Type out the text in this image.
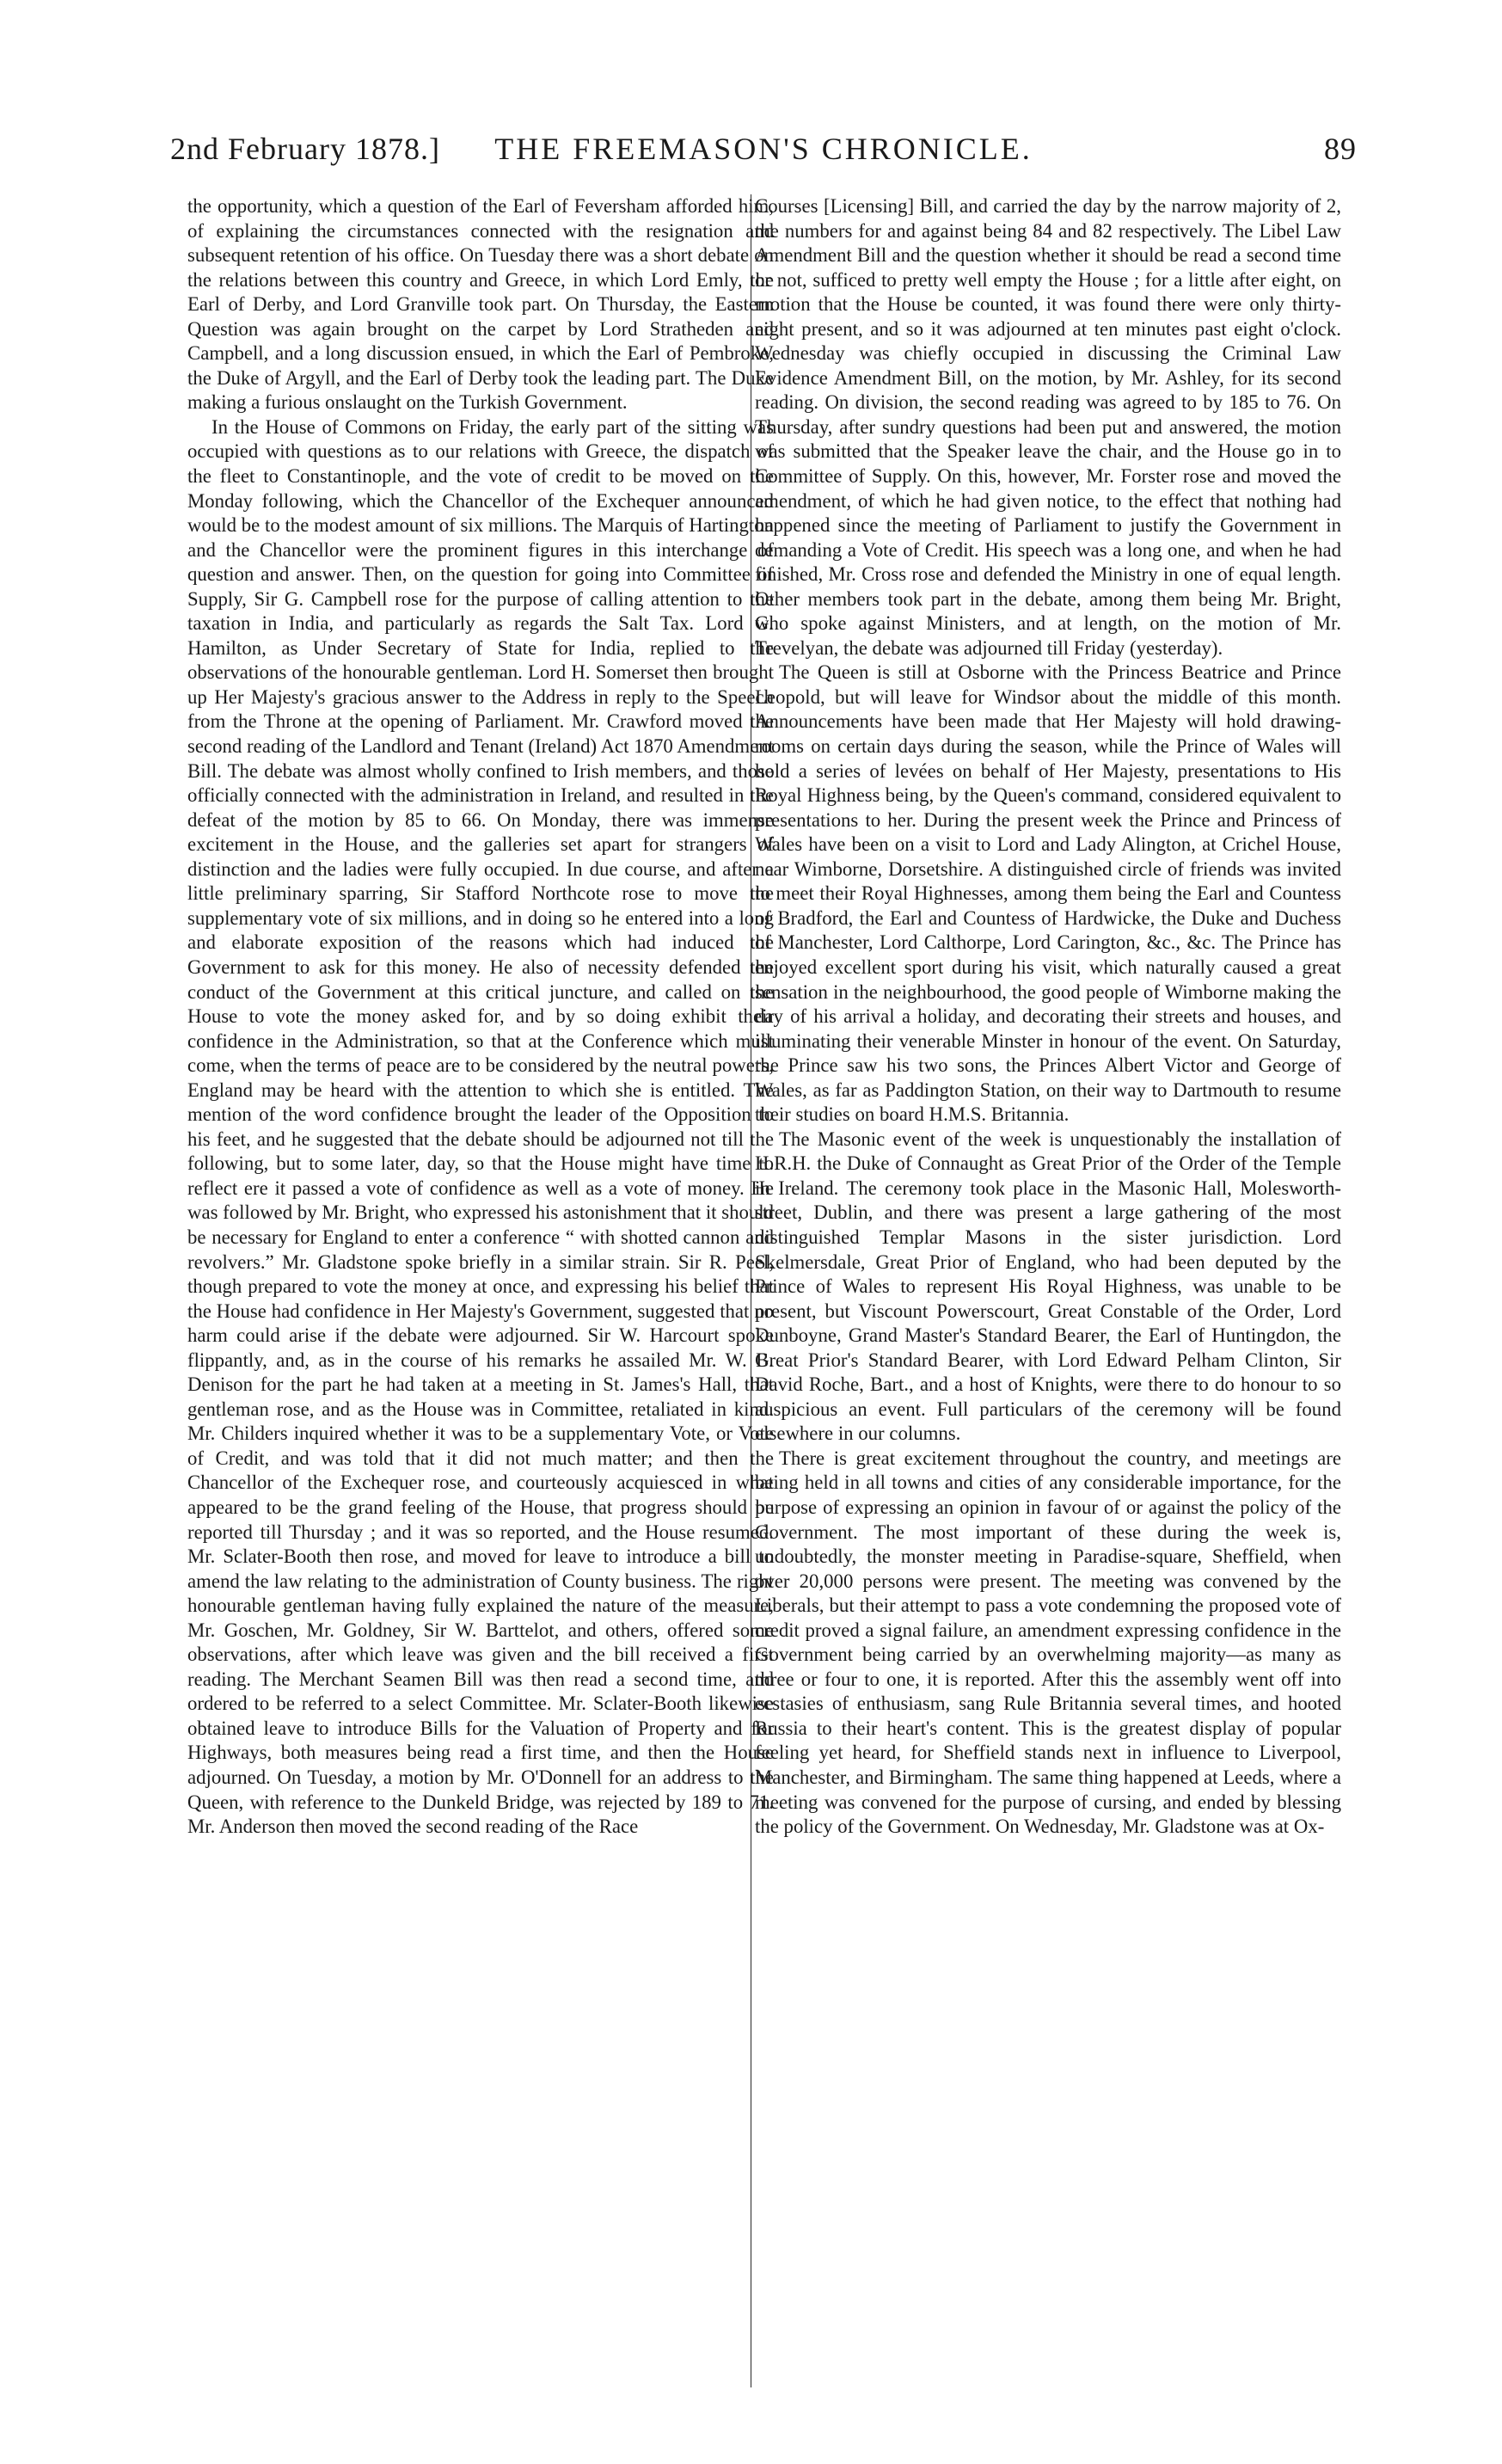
THE FREEMASON'S CHRONICLE.
2nd February 1878.]	89

the opportunity, which a question of the Earl of Feversham afforded him, of explaining the circumstances connected with the resignation and subsequent retention of his office. On Tuesday there was a short debate on the relations between this country and Greece, in which Lord Emly, the Earl of Derby, and Lord Granville took part. On Thursday, the Eastern Question was again brought on the carpet by Lord Stratheden and Campbell, and a long discussion ensued, in which the Earl of Pembroke, the Duke of Argyll, and the Earl of Derby took the leading part. The Duke making a furious onslaught on the Turkish Government.

In the House of Commons on Friday, the early part of the sitting was occupied with questions as to our relations with Greece, the dispatch of the fleet to Constantinople, and the vote of credit to be moved on the Monday following, which the Chancellor of the Exchequer announced would be to the modest amount of six millions. The Marquis of Hartington and the Chancellor were the prominent figures in this interchange of question and answer. Then, on the question for going into Committee of Supply, Sir G. Campbell rose for the purpose of calling attention to the taxation in India, and particularly as regards the Salt Tax. Lord G. Hamilton, as Under Secretary of State for India, replied to the observations of the honourable gentleman. Lord H. Somerset then brought up Her Majesty's gracious answer to the Address in reply to the Speech from the Throne at the opening of Parliament. Mr. Crawford moved the second reading of the Landlord and Tenant (Ireland) Act 1870 Amendment Bill. The debate was almost wholly confined to Irish members, and those officially connected with the administration in Ireland, and resulted in the defeat of the motion by 85 to 66. On Monday, there was immense excitement in the House, and the galleries set apart for strangers of distinction and the ladies were fully occupied. In due course, and after a little preliminary sparring, Sir Stafford Northcote rose to move the supplementary vote of six millions, and in doing so he entered into a long and elaborate exposition of the reasons which had induced the Government to ask for this money. He also of necessity defended the conduct of the Government at this critical juncture, and called on the House to vote the money asked for, and by so doing exhibit their confidence in the Administration, so that at the Conference which must come, when the terms of peace are to be considered by the neutral powers, England may be heard with the attention to which she is entitled. The mention of the word confidence brought the leader of the Opposition to his feet, and he suggested that the debate should be adjourned not till the following, but to some later, day, so that the House might have time to reflect ere it passed a vote of confidence as well as a vote of money. He was followed by Mr. Bright, who expressed his astonishment that it should be necessary for England to enter a conference “ with shotted cannon and revolvers.” Mr. Gladstone spoke briefly in a similar strain. Sir R. Peel, though prepared to vote the money at once, and expressing his belief that the House had confidence in Her Majesty's Government, suggested that no harm could arise if the debate were adjourned. Sir W. Harcourt spoke flippantly, and, as in the course of his remarks he assailed Mr. W. B. Denison for the part he had taken at a meeting in St. James's Hall, that gentleman rose, and as the House was in Committee, retaliated in kind. Mr. Childers inquired whether it was to be a supplementary Vote, or Vote of Credit, and was told that it did not much matter; and then the Chancellor of the Exchequer rose, and courteously acquiesced in what appeared to be the grand feeling of the House, that progress should be reported till Thursday ; and it was so reported, and the House resumed. Mr. Sclater-Booth then rose, and moved for leave to introduce a bill to amend the law relating to the administration of County business. The right honourable gentleman having fully explained the nature of the measure, Mr. Goschen, Mr. Goldney, Sir W. Barttelot, and others, offered some observations, after which leave was given and the bill received a first reading. The Merchant Seamen Bill was then read a second time, and ordered to be referred to a select Committee. Mr. Sclater-Booth likewise obtained leave to introduce Bills for the Valuation of Property and for Highways, both measures being read a first time, and then the House adjourned. On Tuesday, a motion by Mr. O'Donnell for an address to the Queen, with reference to the Dunkeld Bridge, was rejected by 189 to 71. Mr. Anderson then moved the second reading of the Race

Courses [Licensing] Bill, and carried the day by the narrow majority of 2, the numbers for and against being 84 and 82 respectively. The Libel Law Amendment Bill and the question whether it should be read a second time or not, sufficed to pretty well empty the House ; for a little after eight, on motion that the House be counted, it was found there were only thirty-eight present, and so it was adjourned at ten minutes past eight o'clock. Wednesday was chiefly occupied in discussing the Criminal Law Evidence Amendment Bill, on the motion, by Mr. Ashley, for its second reading. On division, the second reading was agreed to by 185 to 76. On Thursday, after sundry questions had been put and answered, the motion was submitted that the Speaker leave the chair, and the House go in to Committee of Supply. On this, however, Mr. Forster rose and moved the amendment, of which he had given notice, to the effect that nothing had happened since the meeting of Parliament to justify the Government in demanding a Vote of Credit. His speech was a long one, and when he had finished, Mr. Cross rose and defended the Ministry in one of equal length. Other members took part in the debate, among them being Mr. Bright, who spoke against Ministers, and at length, on the motion of Mr. Trevelyan, the debate was adjourned till Friday (yesterday).

The Queen is still at Osborne with the Princess Beatrice and Prince Leopold, but will leave for Windsor about the middle of this month. Announcements have been made that Her Majesty will hold drawing-rooms on certain days during the season, while the Prince of Wales will hold a series of levées on behalf of Her Majesty, presentations to His Royal Highness being, by the Queen's command, considered equivalent to presentations to her. During the present week the Prince and Princess of Wales have been on a visit to Lord and Lady Alington, at Crichel House, near Wimborne, Dorsetshire. A distinguished circle of friends was invited to meet their Royal Highnesses, among them being the Earl and Countess of Bradford, the Earl and Countess of Hardwicke, the Duke and Duchess of Manchester, Lord Calthorpe, Lord Carington, &c., &c. The Prince has enjoyed excellent sport during his visit, which naturally caused a great sensation in the neighbourhood, the good people of Wimborne making the day of his arrival a holiday, and decorating their streets and houses, and illuminating their venerable Minster in honour of the event. On Saturday, the Prince saw his two sons, the Princes Albert Victor and George of Wales, as far as Paddington Station, on their way to Dartmouth to resume their studies on board H.M.S. Britannia.

The Masonic event of the week is unquestionably the installation of H.R.H. the Duke of Connaught as Great Prior of the Order of the Temple in Ireland. The ceremony took place in the Masonic Hall, Molesworth-street, Dublin, and there was present a large gathering of the most distinguished Templar Masons in the sister jurisdiction. Lord Skelmersdale, Great Prior of England, who had been deputed by the Prince of Wales to represent His Royal Highness, was unable to be present, but Viscount Powerscourt, Great Constable of the Order, Lord Dunboyne, Grand Master's Standard Bearer, the Earl of Huntingdon, the Great Prior's Standard Bearer, with Lord Edward Pelham Clinton, Sir David Roche, Bart., and a host of Knights, were there to do honour to so auspicious an event. Full particulars of the ceremony will be found elsewhere in our columns.

There is great excitement throughout the country, and meetings are being held in all towns and cities of any considerable importance, for the purpose of expressing an opinion in favour of or against the policy of the Government. The most important of these during the week is, undoubtedly, the monster meeting in Paradise-square, Sheffield, when over 20,000 persons were present. The meeting was convened by the Liberals, but their attempt to pass a vote condemning the proposed vote of credit proved a signal failure, an amendment expressing confidence in the Government being carried by an overwhelming majority—as many as three or four to one, it is reported. After this the assembly went off into ecstasies of enthusiasm, sang Rule Britannia several times, and hooted Russia to their heart's content. This is the greatest display of popular feeling yet heard, for Sheffield stands next in influence to Liverpool, Manchester, and Birmingham. The same thing happened at Leeds, where a meeting was convened for the purpose of cursing, and ended by blessing the policy of the Government. On Wednesday, Mr. Gladstone was at Ox-
